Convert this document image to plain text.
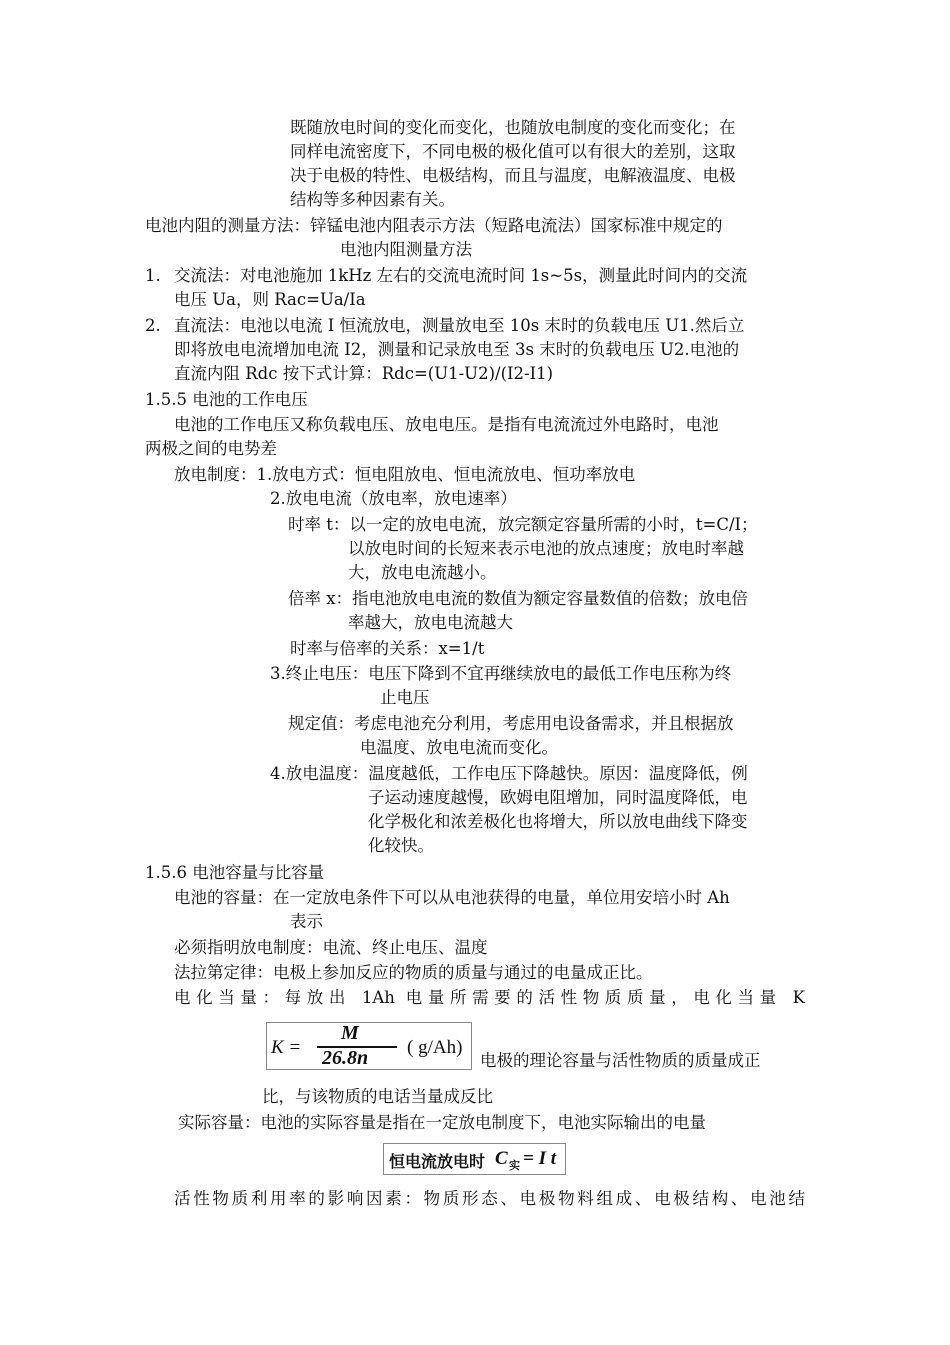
既随放电时间的变化而变化，也随放电制度的变化而变化；在
同样电流密度下，不同电极的极化值可以有很大的差别，这取
决于电极的特性、电极结构，而且与温度，电解液温度、电极
结构等多种因素有关。
电池内阻的测量方法：锌锰电池内阻表示方法（短路电流法）国家标准中规定的
电池内阻测量方法
1. 交流法：对电池施加 1kHz 左右的交流电流时间 1s~5s，测量此时间内的交流
电压 Ua，则 Rac=Ua/Ia
2. 直流法：电池以电流 I 恒流放电，测量放电至 10s 末时的负载电压 U1.然后立
即将放电电流增加电流 I2，测量和记录放电至 3s 末时的负载电压 U2.电池的
直流内阻 Rdc 按下式计算：Rdc=(U1-U2)/(I2-I1)
1.5.5 电池的工作电压
电池的工作电压又称负载电压、放电电压。是指有电流流过外电路时，电池
两极之间的电势差
放电制度：1.放电方式：恒电阻放电、恒电流放电、恒功率放电
2.放电电流（放电率，放电速率）
时率 t：以一定的放电电流，放完额定容量所需的小时，t=C/I；
以放电时间的长短来表示电池的放点速度；放电时率越
大，放电电流越小。
倍率 x：指电池放电电流的数值为额定容量数值的倍数；放电倍
率越大，放电电流越大
时率与倍率的关系：x=1/t
3.终止电压：电压下降到不宜再继续放电的最低工作电压称为终
止电压
规定值：考虑电池充分利用，考虑用电设备需求，并且根据放
电温度、放电电流而变化。
4.放电温度：温度越低，工作电压下降越快。原因：温度降低，例
子运动速度越慢，欧姆电阻增加，同时温度降低，电
化学极化和浓差极化也将增大，所以放电曲线下降变
化较快。
1.5.6 电池容量与比容量
电池的容量：在一定放电条件下可以从电池获得的电量，单位用安培小时 Ah
表示
必须指明放电制度：电流、终止电压、温度
法拉第定律：电极上参加反应的物质的质量与通过的电量成正比。
电化当量：每放出 1Ah 电量所需要的活性物质质量，电化当量 K
K =
M
26.8n ( g/Ah)
电极的理论容量与活性物质的质量成正
比，与该物质的电话当量成反比
实际容量：电池的实际容量是指在一定放电制度下，电池实际输出的电量
恒电流放电时 C 实 = I t
活性物质利用率的影响因素：物质形态、电极物料组成、电极结构、电池结
